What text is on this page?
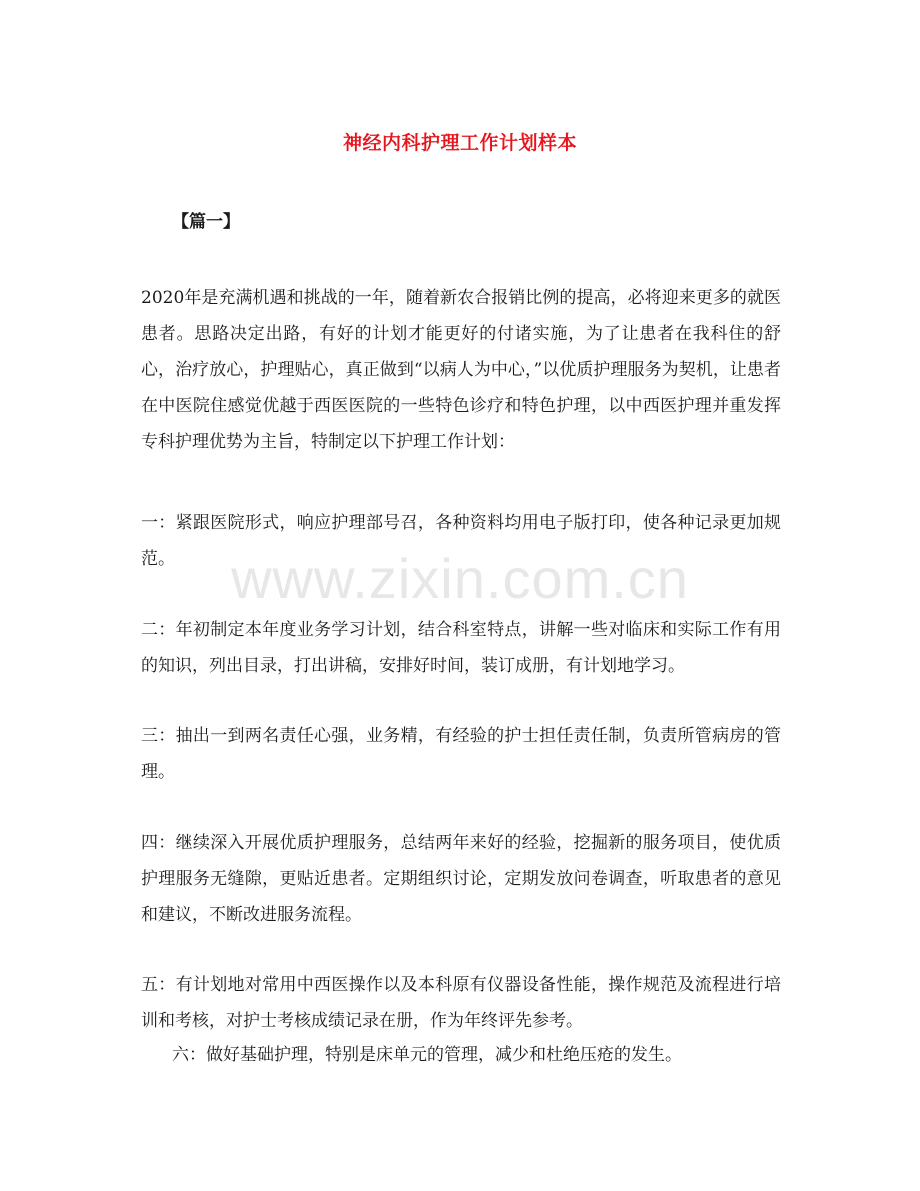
神经内科护理工作计划样本
【篇一】
2020年是充满机遇和挑战的一年，随着新农合报销比例的提高，必将迎来更多的就医患者。思路决定出路，有好的计划才能更好的付诸实施，为了让患者在我科住的舒心，治疗放心，护理贴心，真正做到“以病人为中心，”以优质护理服务为契机，让患者在中医院住感觉优越于西医医院的一些特色诊疗和特色护理，以中西医护理并重发挥专科护理优势为主旨，特制定以下护理工作计划：
一：紧跟医院形式，响应护理部号召，各种资料均用电子版打印，使各种记录更加规范。
二：年初制定本年度业务学习计划，结合科室特点，讲解一些对临床和实际工作有用的知识，列出目录，打出讲稿，安排好时间，装订成册，有计划地学习。
三：抽出一到两名责任心强，业务精，有经验的护士担任责任制，负责所管病房的管理。
四：继续深入开展优质护理服务，总结两年来好的经验，挖掘新的服务项目，使优质护理服务无缝隙，更贴近患者。定期组织讨论，定期发放问卷调查，听取患者的意见和建议，不断改进服务流程。
五：有计划地对常用中西医操作以及本科原有仪器设备性能，操作规范及流程进行培训和考核，对护士考核成绩记录在册，作为年终评先参考。
六：做好基础护理，特别是床单元的管理，减少和杜绝压疮的发生。
www.zixin.com.cn
